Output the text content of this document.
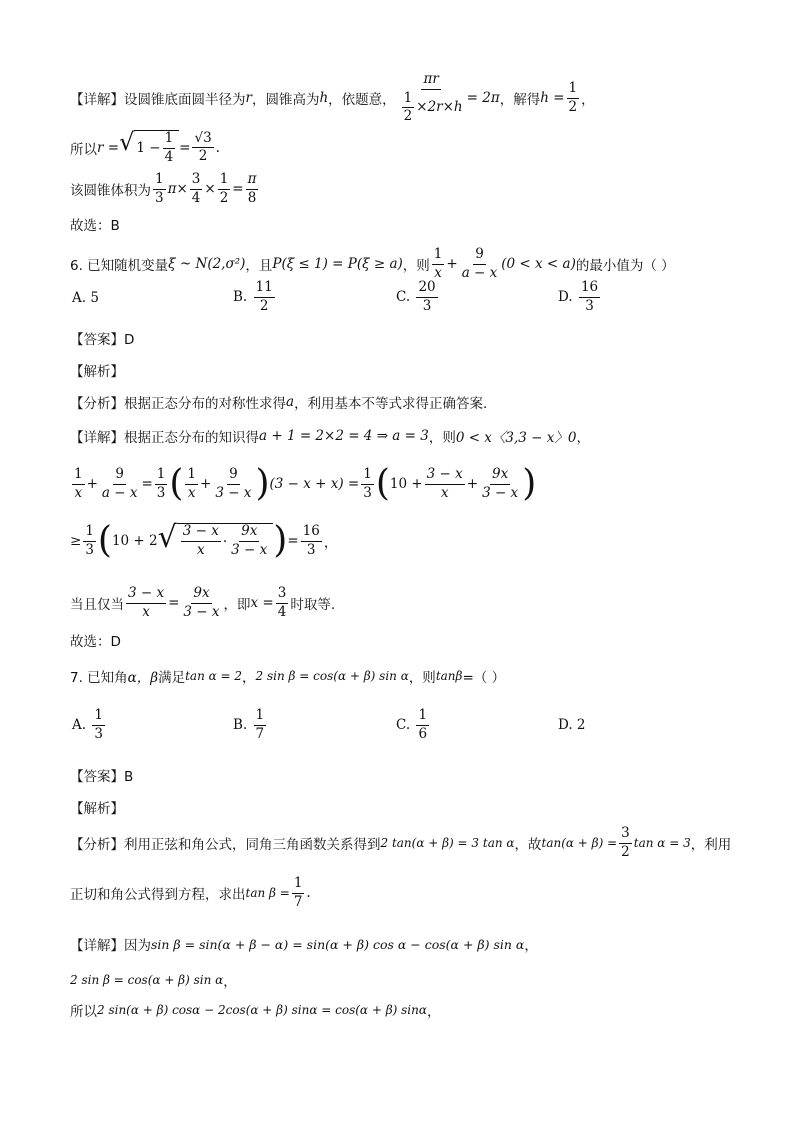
【详解】 设圆锥底面圆半径为 r ，圆锥高为 h ，依题意， $\frac{\pi r}{\frac{1}{2} \times 2r\times h} = 2\pi$ ，解得 $h = \frac{1}{2}$ ，
所以 r = √ $1 - \frac{1}{4} = \frac{√3}{2}$ .
该圆锥体积为 $\frac{1}{3} \pi\times \frac{3}{4} \times \frac{1}{2} = \frac{\pi}{8}$
故选：B
6. 已知随机变量 ξ ~ N(2,σ²) ，且 P(ξ ≤ 1) = P(ξ ≥ a) ，则 $\frac{1}{x} + \frac{9}{a - x} (0 < x < a)$ 的最小值为（ ）
A. 5	B.
$\frac{11}{2}$	C.
$\frac{20}{3}$	D.
$\frac{16}{3}$
【答案】D
【解析】
【分析】 根据正态分布的对称性求得 a ，利用基本不等式求得正确答案.
【详解】 根据正态分布的知识得 a + 1 = 2×2 = 4 ⇒ a = 3 ，则 0 < x〈3,3 − x〉0 ，
$\frac{1}{x} + \frac{9}{a - x} = \frac{1}{3}$ ( $\frac{1}{x} + \frac{9}{3 - x}$ ) $(3 - x + x) = \frac{1}{3}$ ( $10 + \frac{3 - x}{x} + \frac{9x}{3 - x}$ )
≥ $\frac{1}{3}$ ( 10 + 2 √ $\frac{3 - x}{x} \cdot \frac{9x}{3 - x}$ ) = $\frac{16}{3}$ ，
当且仅当 $\frac{3 - x}{x} = \frac{9x}{3 - x}$ ，即 $x = \frac{3}{4}$ 时取等.
故选：D
7. 已知角 α，β 满足 tan α = 2 ， 2 sin β = cos(α + β) sin α ，则 tanβ =（ ）
A.
$\frac{1}{3}$	B.
$\frac{1}{7}$	C.
$\frac{1}{6}$	D. 2
【答案】B
【解析】
【分析】 利用正弦和角公式，同角三角函数关系得到 2 tan(α + β) = 3 tan α ，故 $\tan(\alpha + \beta) = \frac{3}{2}$ tan α = 3 ，利用
正切和角公式得到方程，求出 $\tan \beta = \frac{1}{7}$ .
【详解】 因为 sin β = sin(α + β − α) = sin(α + β) cos α − cos(α + β) sin α ，
2 sin β = cos(α + β) sin α ，
所以 2 sin(α + β) cosα − 2cos(α + β) sinα = cos(α + β) sinα ，
